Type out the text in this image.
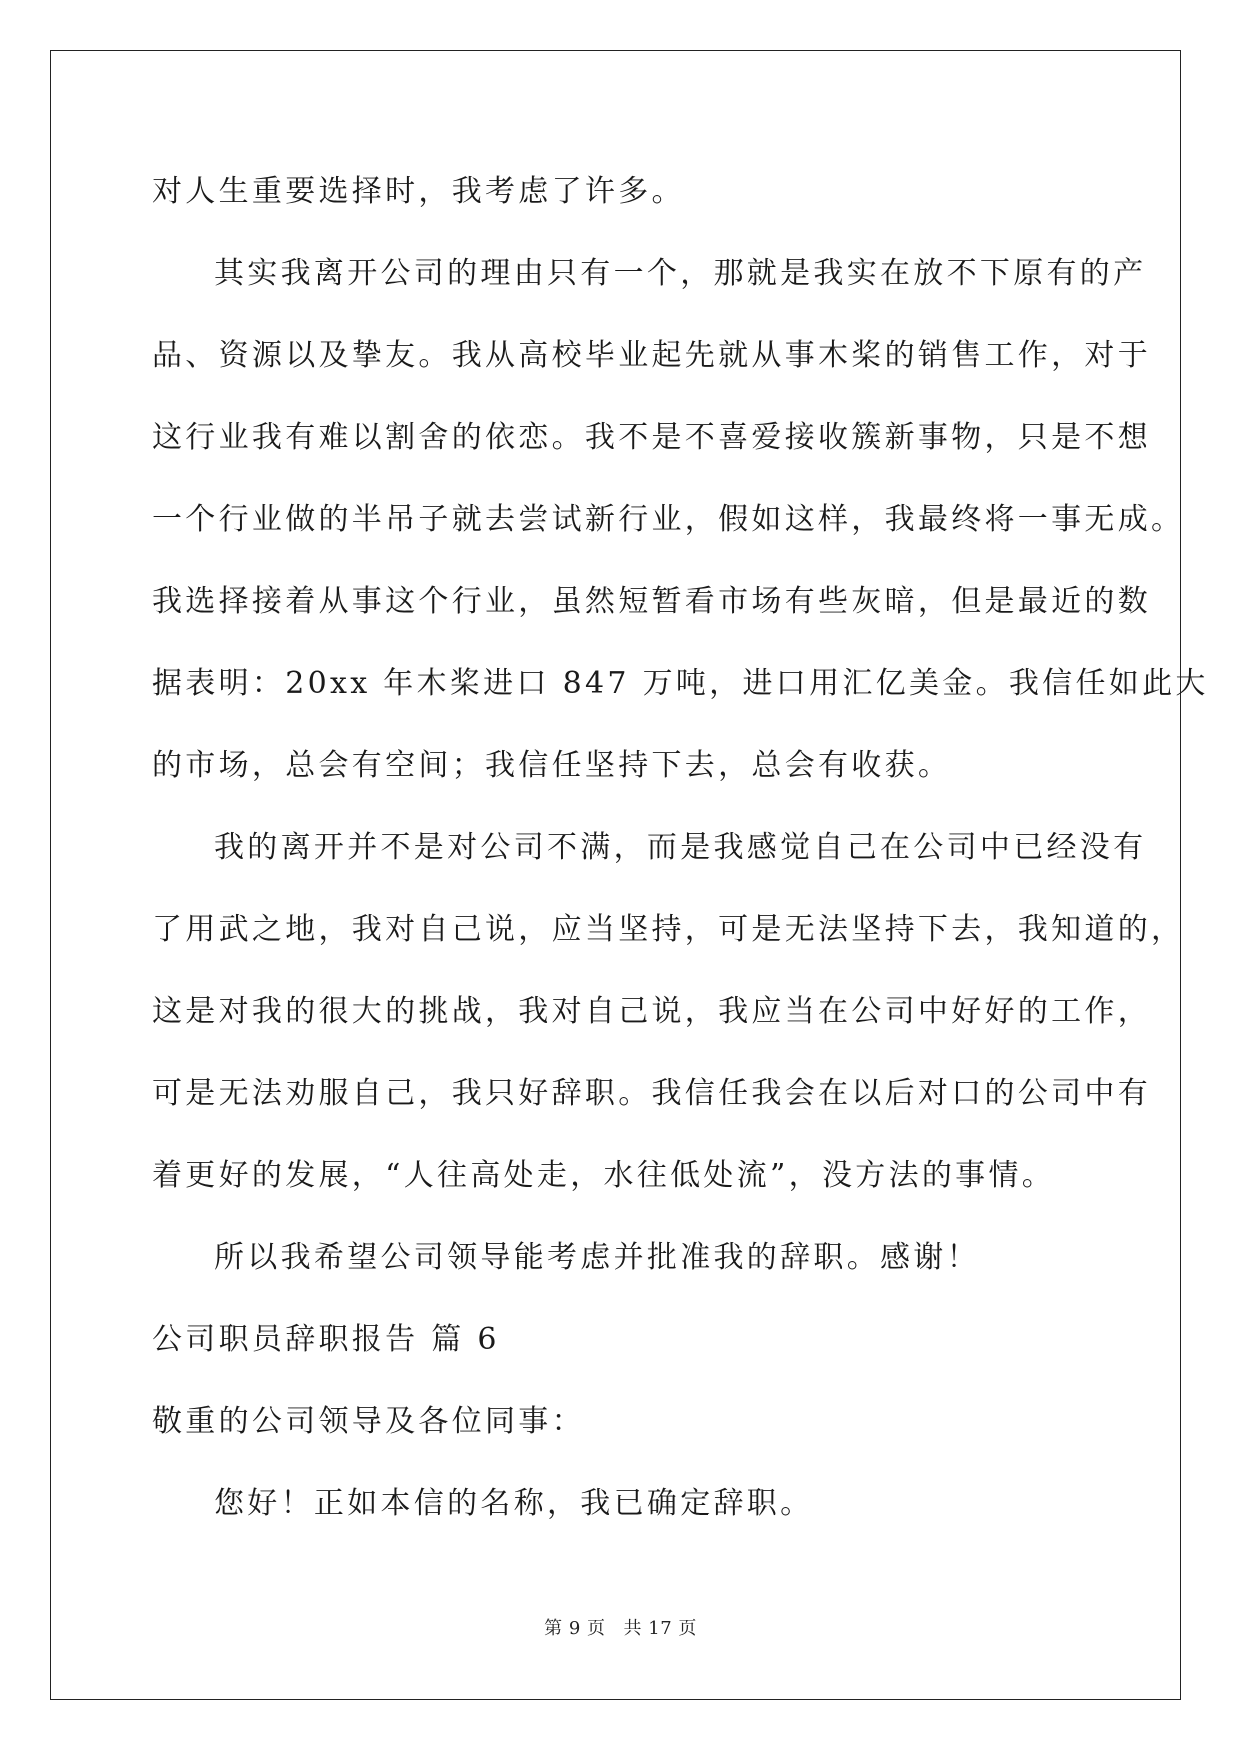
对人生重要选择时，我考虑了许多。
其实我离开公司的理由只有一个，那就是我实在放不下原有的产
品、资源以及挚友。我从高校毕业起先就从事木桨的销售工作，对于
这行业我有难以割舍的依恋。我不是不喜爱接收簇新事物，只是不想
一个行业做的半吊子就去尝试新行业，假如这样，我最终将一事无成。
我选择接着从事这个行业，虽然短暂看市场有些灰暗，但是最近的数
据表明：20xx 年木桨进口 847 万吨，进口用汇亿美金。我信任如此大
的市场，总会有空间；我信任坚持下去，总会有收获。
我的离开并不是对公司不满，而是我感觉自己在公司中已经没有
了用武之地，我对自己说，应当坚持，可是无法坚持下去，我知道的，
这是对我的很大的挑战，我对自己说，我应当在公司中好好的工作，
可是无法劝服自己，我只好辞职。我信任我会在以后对口的公司中有
着更好的发展，“人往高处走，水往低处流”，没方法的事情。
所以我希望公司领导能考虑并批准我的辞职。感谢！
公司职员辞职报告 篇 6
敬重的公司领导及各位同事：
您好！正如本信的名称，我已确定辞职。
第 9 页 共 17 页
